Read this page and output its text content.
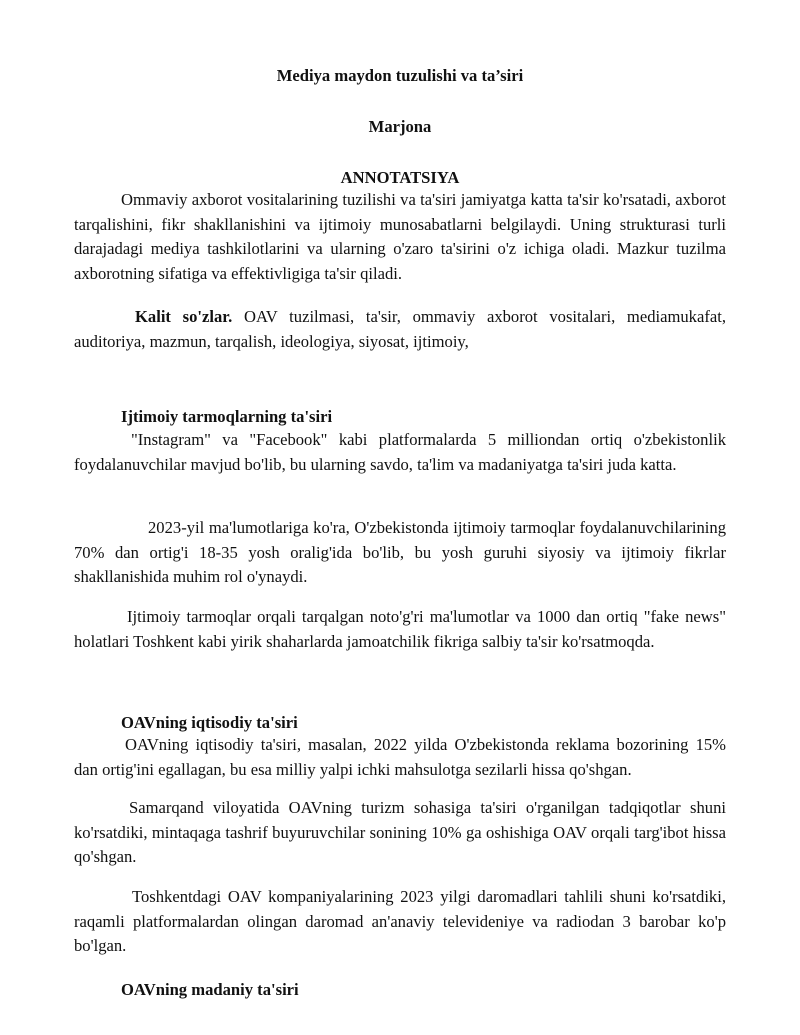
Mediya maydon tuzulishi va ta’siri
Marjona
ANNOTATSIYA

Ommaviy axborot vositalarining tuzilishi va ta'siri jamiyatga katta ta'sir ko'rsatadi, axborot tarqalishini, fikr shakllanishini va ijtimoiy munosabatlarni belgilaydi. Uning strukturasi turli darajadagi mediya tashkilotlarini va ularning o'zaro ta'sirini o'z ichiga oladi. Mazkur tuzilma axborotning sifatiga va effektivligiga ta'sir qiladi.

Kalit so'zlar. OAV tuzilmasi, ta'sir, ommaviy axborot vositalari, mediamukafat, auditoriya, mazmun, tarqalish, ideologiya, siyosat, ijtimoiy,

Ijtimoiy tarmoqlarning ta'siri

"Instagram" va "Facebook" kabi platformalarda 5 milliondan ortiq o'zbekistonlik foydalanuvchilar mavjud bo'lib, bu ularning savdo, ta'lim va madaniyatga ta'siri juda katta.

2023-yil ma'lumotlariga ko'ra, O'zbekistonda ijtimoiy tarmoqlar foydalanuvchilarining 70% dan ortig'i 18-35 yosh oralig'ida bo'lib, bu yosh guruhi siyosiy va ijtimoiy fikrlar shakllanishida muhim rol o'ynaydi.

Ijtimoiy tarmoqlar orqali tarqalgan noto'g'ri ma'lumotlar va 1000 dan ortiq "fake news" holatlari Toshkent kabi yirik shaharlarda jamoatchilik fikriga salbiy ta'sir ko'rsatmoqda.

OAVning iqtisodiy ta'siri

OAVning iqtisodiy ta'siri, masalan, 2022 yilda O'zbekistonda reklama bozorining 15% dan ortig'ini egallagan, bu esa milliy yalpi ichki mahsulotga sezilarli hissa qo'shgan.

Samarqand viloyatida OAVning turizm sohasiga ta'siri o'rganilgan tadqiqotlar shuni ko'rsatdiki, mintaqaga tashrif buyuruvchilar sonining 10% ga oshishiga OAV orqali targ'ibot hissa qo'shgan.

Toshkentdagi OAV kompaniyalarining 2023 yilgi daromadlari tahlili shuni ko'rsatdiki, raqamli platformalardan olingan daromad an'anaviy televideniye va radiodan 3 barobar ko'p bo'lgan.

OAVning madaniy ta'siri
